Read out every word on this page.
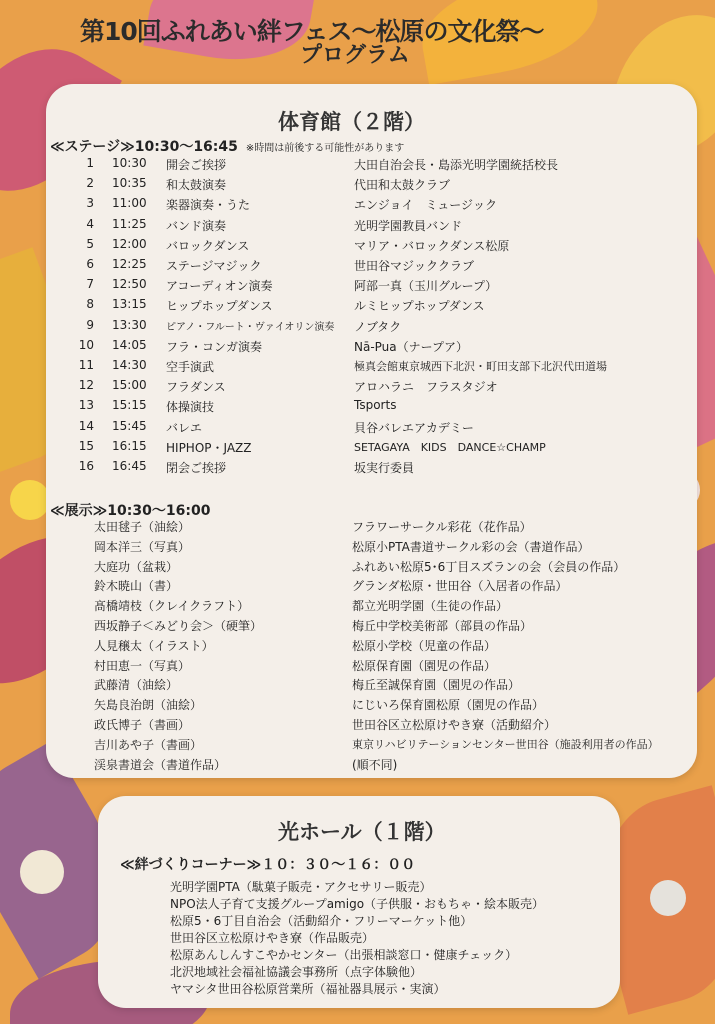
第10回ふれあい絆フェス〜松原の文化祭〜
プログラム
体育館（２階）
≪ステージ≫10:30〜16:45 ※時間は前後する可能性があります
1 10:30 開会ご挨拶	大田自治会長・島添光明学園統括校長
2 10:35 和太鼓演奏	代田和太鼓クラブ
3 11:00 楽器演奏・うた	エンジョイ　ミュージック
4 11:25 バンド演奏	光明学園教員バンド
5 12:00 バロックダンス	マリア・バロックダンス松原
6 12:25 ステージマジック	世田谷マジッククラブ
7 12:50 アコーディオン演奏	阿部一真（玉川グループ）
8 13:15 ヒップホップダンス	ルミヒップホップダンス
9 13:30 ピアノ・フルート・ヴァイオリン演奏 ノブタク
10 14:05 フラ・コンガ演奏	Nā-Pua（ナープア）
11 14:30 空手演武	極真会館東京城西下北沢・町田支部下北沢代田道場
12 15:00 フラダンス	アロハラニ　フラスタジオ
13 15:15 体操演技	Tsports
14 15:45 バレエ	貝谷バレエアカデミー
15 16:15 HIPHOP・JAZZ	SETAGAYA　KIDS　DANCE☆CHAMP
16 16:45 閉会ご挨拶	坂実行委員
≪展示≫10:30〜16:00
太田毬子（油絵）	フラワーサークル彩花（花作品）
岡本洋三（写真）	松原小PTA書道サークル彩の会（書道作品）
大庭功（盆栽）	ふれあい松原5･6丁目スズランの会（会員の作品）
鈴木暁山（書）	グランダ松原・世田谷（入居者の作品）
髙橋靖枝（クレイクラフト）	都立光明学園（生徒の作品）
西坂静子＜みどり会＞（硬筆）	梅丘中学校美術部（部員の作品）
人見穣太（イラスト）	松原小学校（児童の作品）
村田恵一（写真）	松原保育園（園児の作品）
武藤清（油絵）	梅丘至誠保育園（園児の作品）
矢島良治朗（油絵）	にじいろ保育園松原（園児の作品）
政氏博子（書画）	世田谷区立松原けやき寮（活動紹介）
吉川あや子（書画）	東京リハビリテーションセンター世田谷（施設利用者の作品）
渓泉書道会（書道作品）	(順不同)
光ホール（１階）
≪絆づくりコーナー≫１０：３０〜１６：００
光明学園PTA（駄菓子販売・アクセサリー販売）
NPO法人子育て支援グループamigo（子供服・おもちゃ・絵本販売）
松原5・6丁目自治会（活動紹介・フリーマーケット他）
世田谷区立松原けやき寮（作品販売）
松原あんしんすこやかセンター（出張相談窓口・健康チェック）
北沢地域社会福祉協議会事務所（点字体験他）
ヤマシタ世田谷松原営業所（福祉器具展示・実演）
